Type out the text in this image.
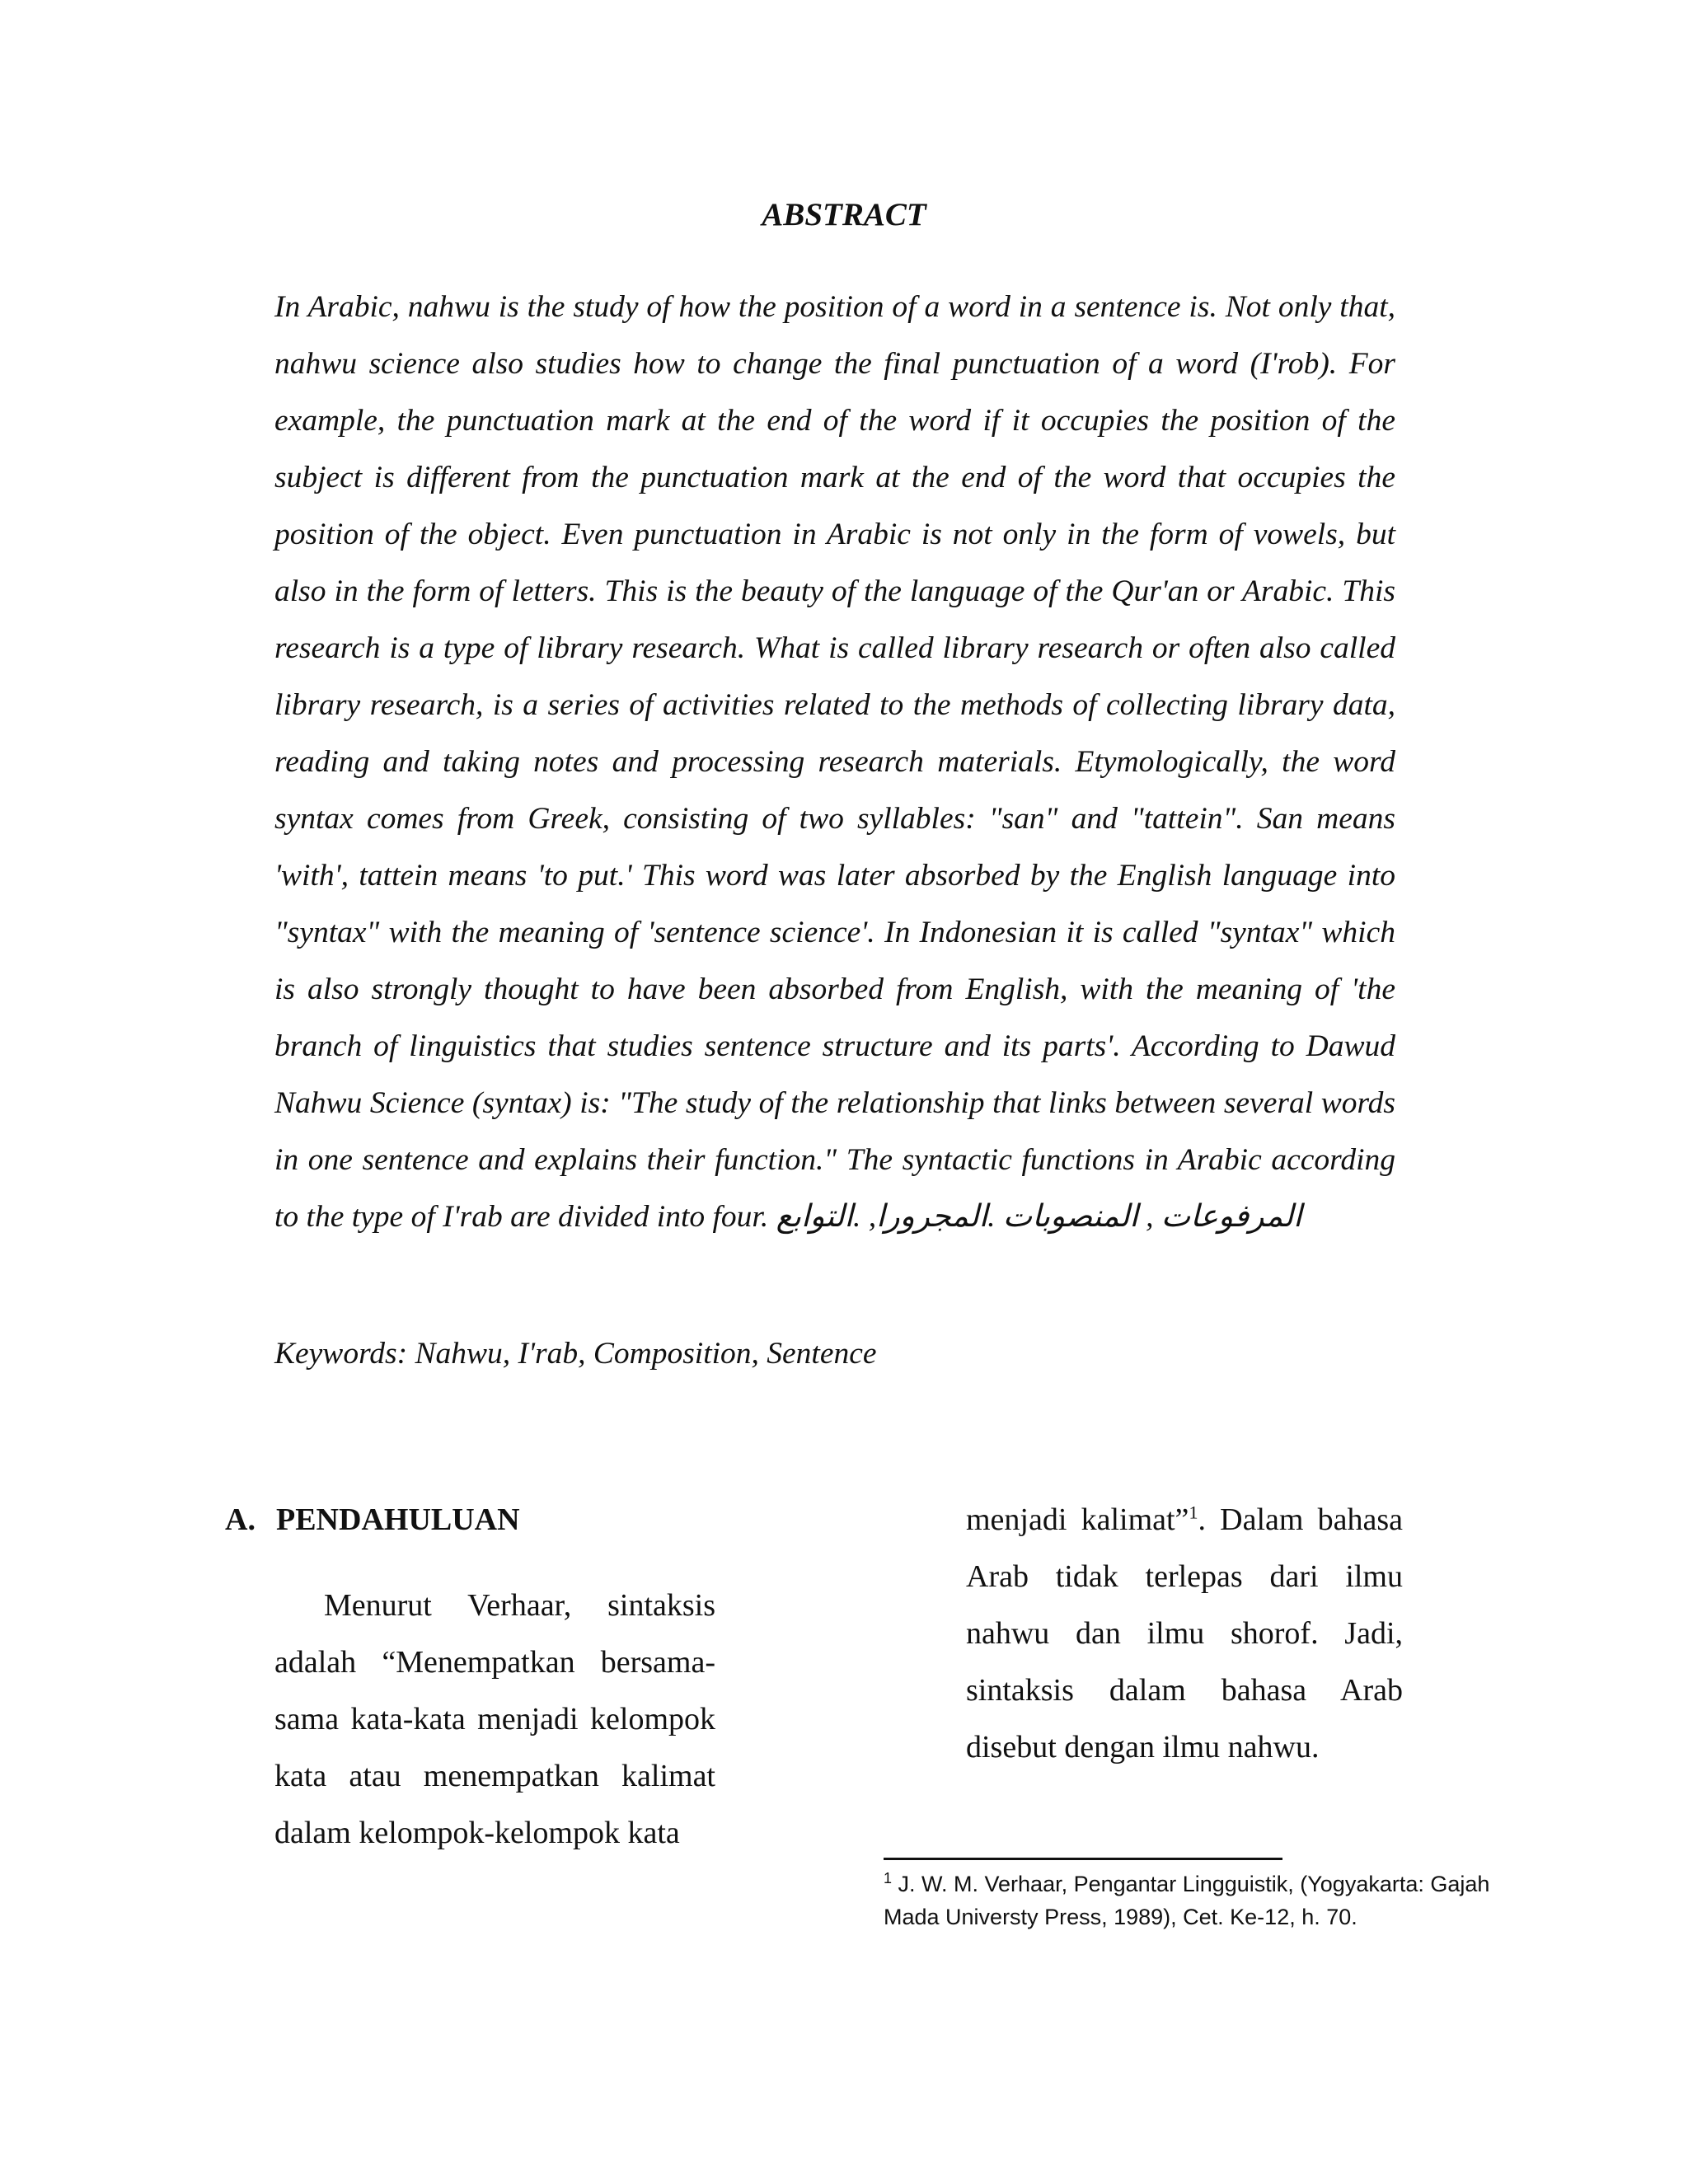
ABSTRACT

In Arabic, nahwu is the study of how the position of a word in a sentence is. Not only that, nahwu science also studies how to change the final punctuation of a word (I'rob). For example, the punctuation mark at the end of the word if it occupies the position of the subject is different from the punctuation mark at the end of the word that occupies the position of the object. Even punctuation in Arabic is not only in the form of vowels, but also in the form of letters. This is the beauty of the language of the Qur'an or Arabic. This research is a type of library research. What is called library research or often also called library research, is a series of activities related to the methods of collecting library data, reading and taking notes and processing research materials. Etymologically, the word syntax comes from Greek, consisting of two syllables: "san" and "tattein". San means 'with', tattein means 'to put.' This word was later absorbed by the English language into "syntax" with the meaning of 'sentence science'. In Indonesian it is called "syntax" which is also strongly thought to have been absorbed from English, with the meaning of 'the branch of linguistics that studies sentence structure and its parts'. According to Dawud Nahwu Science (syntax) is: "The study of the relationship that links between several words in one sentence and explains their function." The syntactic functions in Arabic according to the type of I'rab are divided into four. المرفوعات , المنصوبات .المجرورا, .التوابع

Keywords: Nahwu, I'rab, Composition, Sentence

A. PENDAHULUAN

Menurut Verhaar, sintaksis adalah “Menempatkan bersama-sama kata-kata menjadi kelompok kata atau menempatkan kalimat dalam kelompok-kelompok kata

menjadi kalimat”$^1$. Dalam bahasa Arab tidak terlepas dari ilmu nahwu dan ilmu shorof. Jadi, sintaksis dalam bahasa Arab disebut dengan ilmu nahwu.

$^1$ J. W. M. Verhaar, Pengantar Lingguistik, (Yogyakarta: Gajah Mada Universty Press, 1989), Cet. Ke-12, h. 70.
